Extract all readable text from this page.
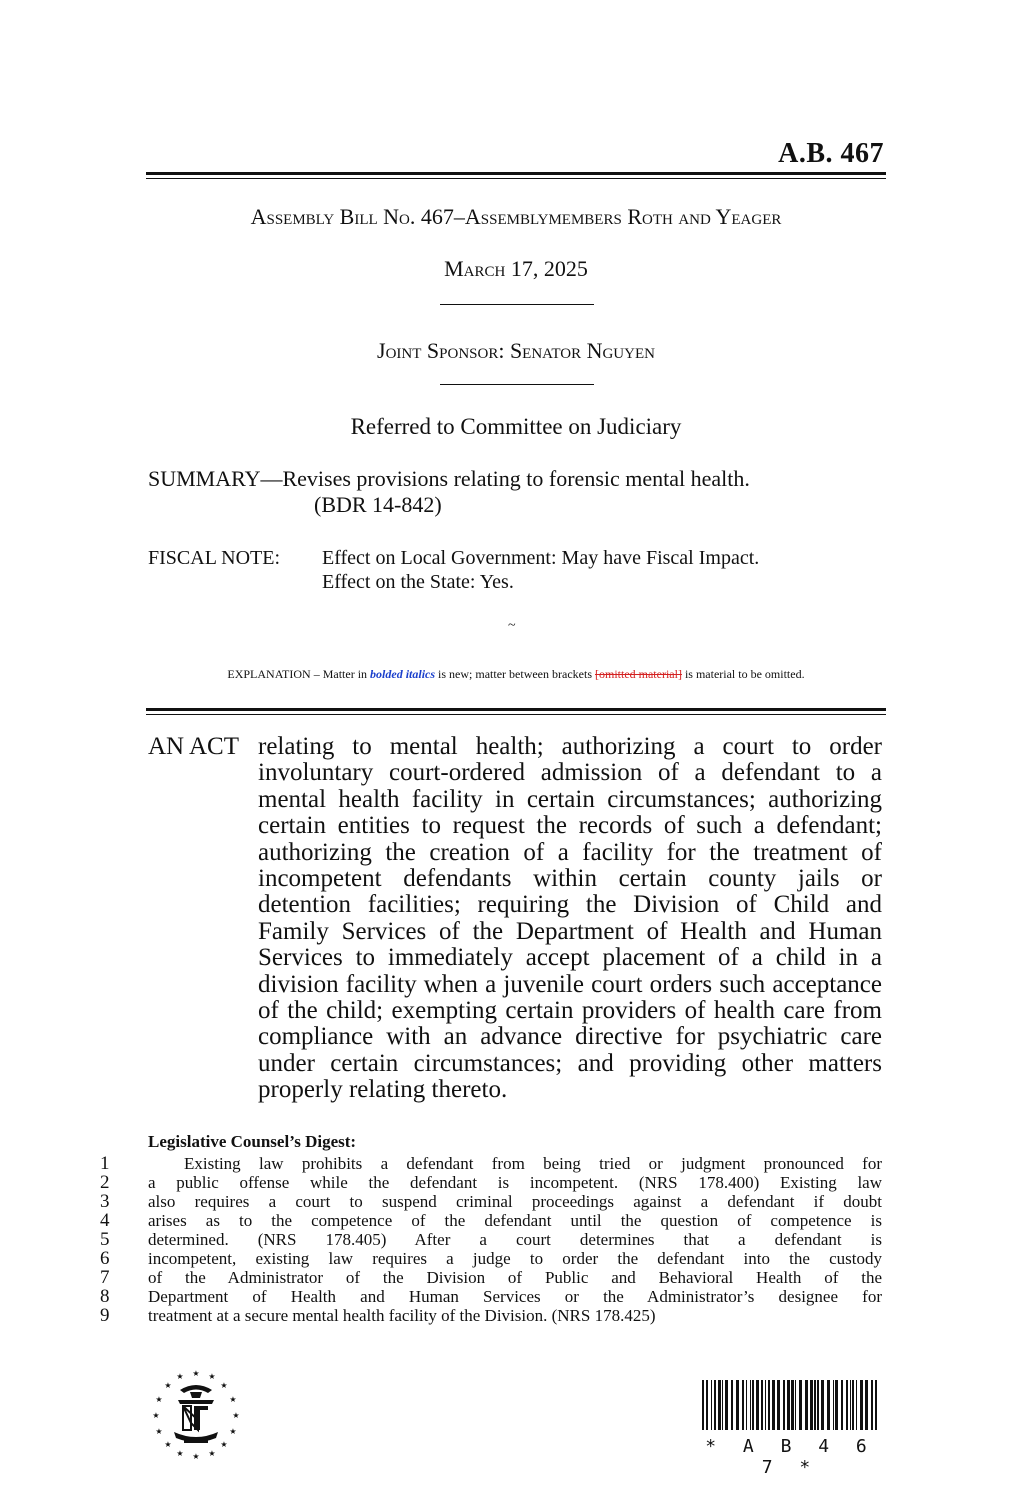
A.B. 467
Assembly Bill No. 467–Assemblymembers Roth and Yeager
March 17, 2025
Joint Sponsor: Senator Nguyen
Referred to Committee on Judiciary
SUMMARY—Revises provisions relating to forensic mental health.
(BDR 14-842)
FISCAL NOTE: Effect on Local Government: May have Fiscal Impact.
Effect on the State: Yes.
~
EXPLANATION – Matter in bolded italics is new; matter between brackets [omitted material] is material to be omitted.
AN ACT relating to mental health; authorizing a court to order involuntary court-ordered admission of a defendant to a mental health facility in certain circumstances; authorizing certain entities to request the records of such a defendant; authorizing the creation of a facility for the treatment of incompetent defendants within certain county jails or detention facilities; requiring the Division of Child and Family Services of the Department of Health and Human Services to immediately accept placement of a child in a division facility when a juvenile court orders such acceptance of the child; exempting certain providers of health care from compliance with an advance directive for psychiatric care under certain circumstances; and providing other matters properly relating thereto.
Legislative Counsel’s Digest:
1	Existing law prohibits a defendant from being tried or judgment pronounced for
2	a public offense while the defendant is incompetent. (NRS 178.400) Existing law
3	also requires a court to suspend criminal proceedings against a defendant if doubt
4	arises as to the competence of the defendant until the question of competence is
5	determined. (NRS 178.405) After a court determines that a defendant is
6	incompetent, existing law requires a judge to order the defendant into the custody
7	of the Administrator of the Division of Public and Behavioral Health of the
8	Department of Health and Human Services or the Administrator’s designee for
9	treatment at a secure mental health facility of the Division. (NRS 178.425)
★
★	★
★	★
★	★
★	★
★	★
★	★
★	★
★	* A B 4 6 7 *
